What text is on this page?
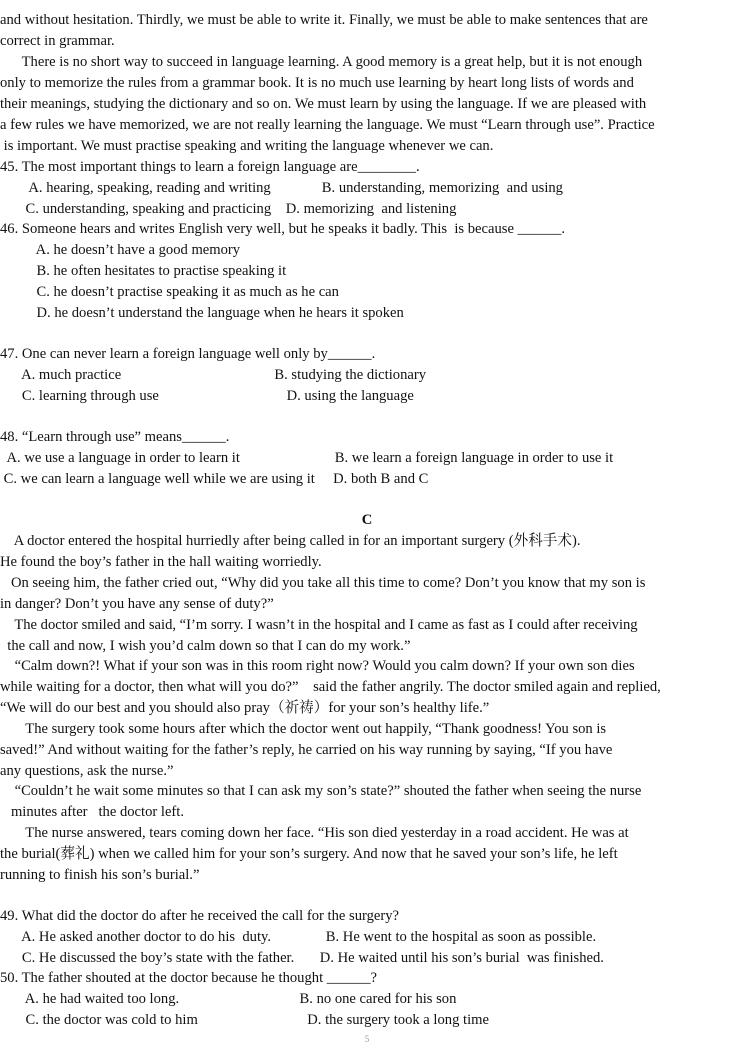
and without hesitation. Thirdly, we must be able to write it. Finally, we must be able to make sentences that are
correct in grammar.
There is no short way to succeed in language learning. A good memory is a great help, but it is not enough
only to memorize the rules from a grammar book. It is no much use learning by heart long lists of words and
their meanings, studying the dictionary and so on. We must learn by using the language. If we are pleased with
a few rules we have memorized, we are not really learning the language. We must “Learn through use”. Practice
is important. We must practise speaking and writing the language whenever we can.
45. The most important things to learn a foreign language are________.
A. hearing, speaking, reading and writing              B. understanding, memorizing  and using
C. understanding, speaking and practicing    D. memorizing  and listening
46. Someone hears and writes English very well, but he speaks it badly. This  is because ______.
A. he doesn’t have a good memory
B. he often hesitates to practise speaking it
C. he doesn’t practise speaking it as much as he can
D. he doesn’t understand the language when he hears it spoken
47. One can never learn a foreign language well only by______.
A. much practice                                          B. studying the dictionary
C. learning through use                                   D. using the language
48. “Learn through use” means______.
A. we use a language in order to learn it                          B. we learn a foreign language in order to use it
C. we can learn a language well while we are using it     D. both B and C
C
A doctor entered the hospital hurriedly after being called in for an important surgery (外科手术).
He found the boy’s father in the hall waiting worriedly.
On seeing him, the father cried out, “Why did you take all this time to come? Don’t you know that my son is
in danger? Don’t you have any sense of duty?”
The doctor smiled and said, “I’m sorry. I wasn’t in the hospital and I came as fast as I could after receiving
the call and now, I wish you’d calm down so that I can do my work.”
“Calm down?! What if your son was in this room right now? Would you calm down? If your own son dies
while waiting for a doctor, then what will you do?”    said the father angrily. The doctor smiled again and replied,
“We will do our best and you should also pray（祈祷）for your son’s healthy life.”
The surgery took some hours after which the doctor went out happily, “Thank goodness! You son is
saved!” And without waiting for the father’s reply, he carried on his way running by saying, “If you have
any questions, ask the nurse.”
“Couldn’t he wait some minutes so that I can ask my son’s state?” shouted the father when seeing the nurse
minutes after   the doctor left.
The nurse answered, tears coming down her face. “His son died yesterday in a road accident. He was at
the burial(葬礼) when we called him for your son’s surgery. And now that he saved your son’s life, he left
running to finish his son’s burial.”
49. What did the doctor do after he received the call for the surgery?
A. He asked another doctor to do his  duty.               B. He went to the hospital as soon as possible.
C. He discussed the boy’s state with the father.       D. He waited until his son’s burial  was finished.
50. The father shouted at the doctor because he thought ______?
A. he had waited too long.                                 B. no one cared for his son
C. the doctor was cold to him                              D. the surgery took a long time
5
